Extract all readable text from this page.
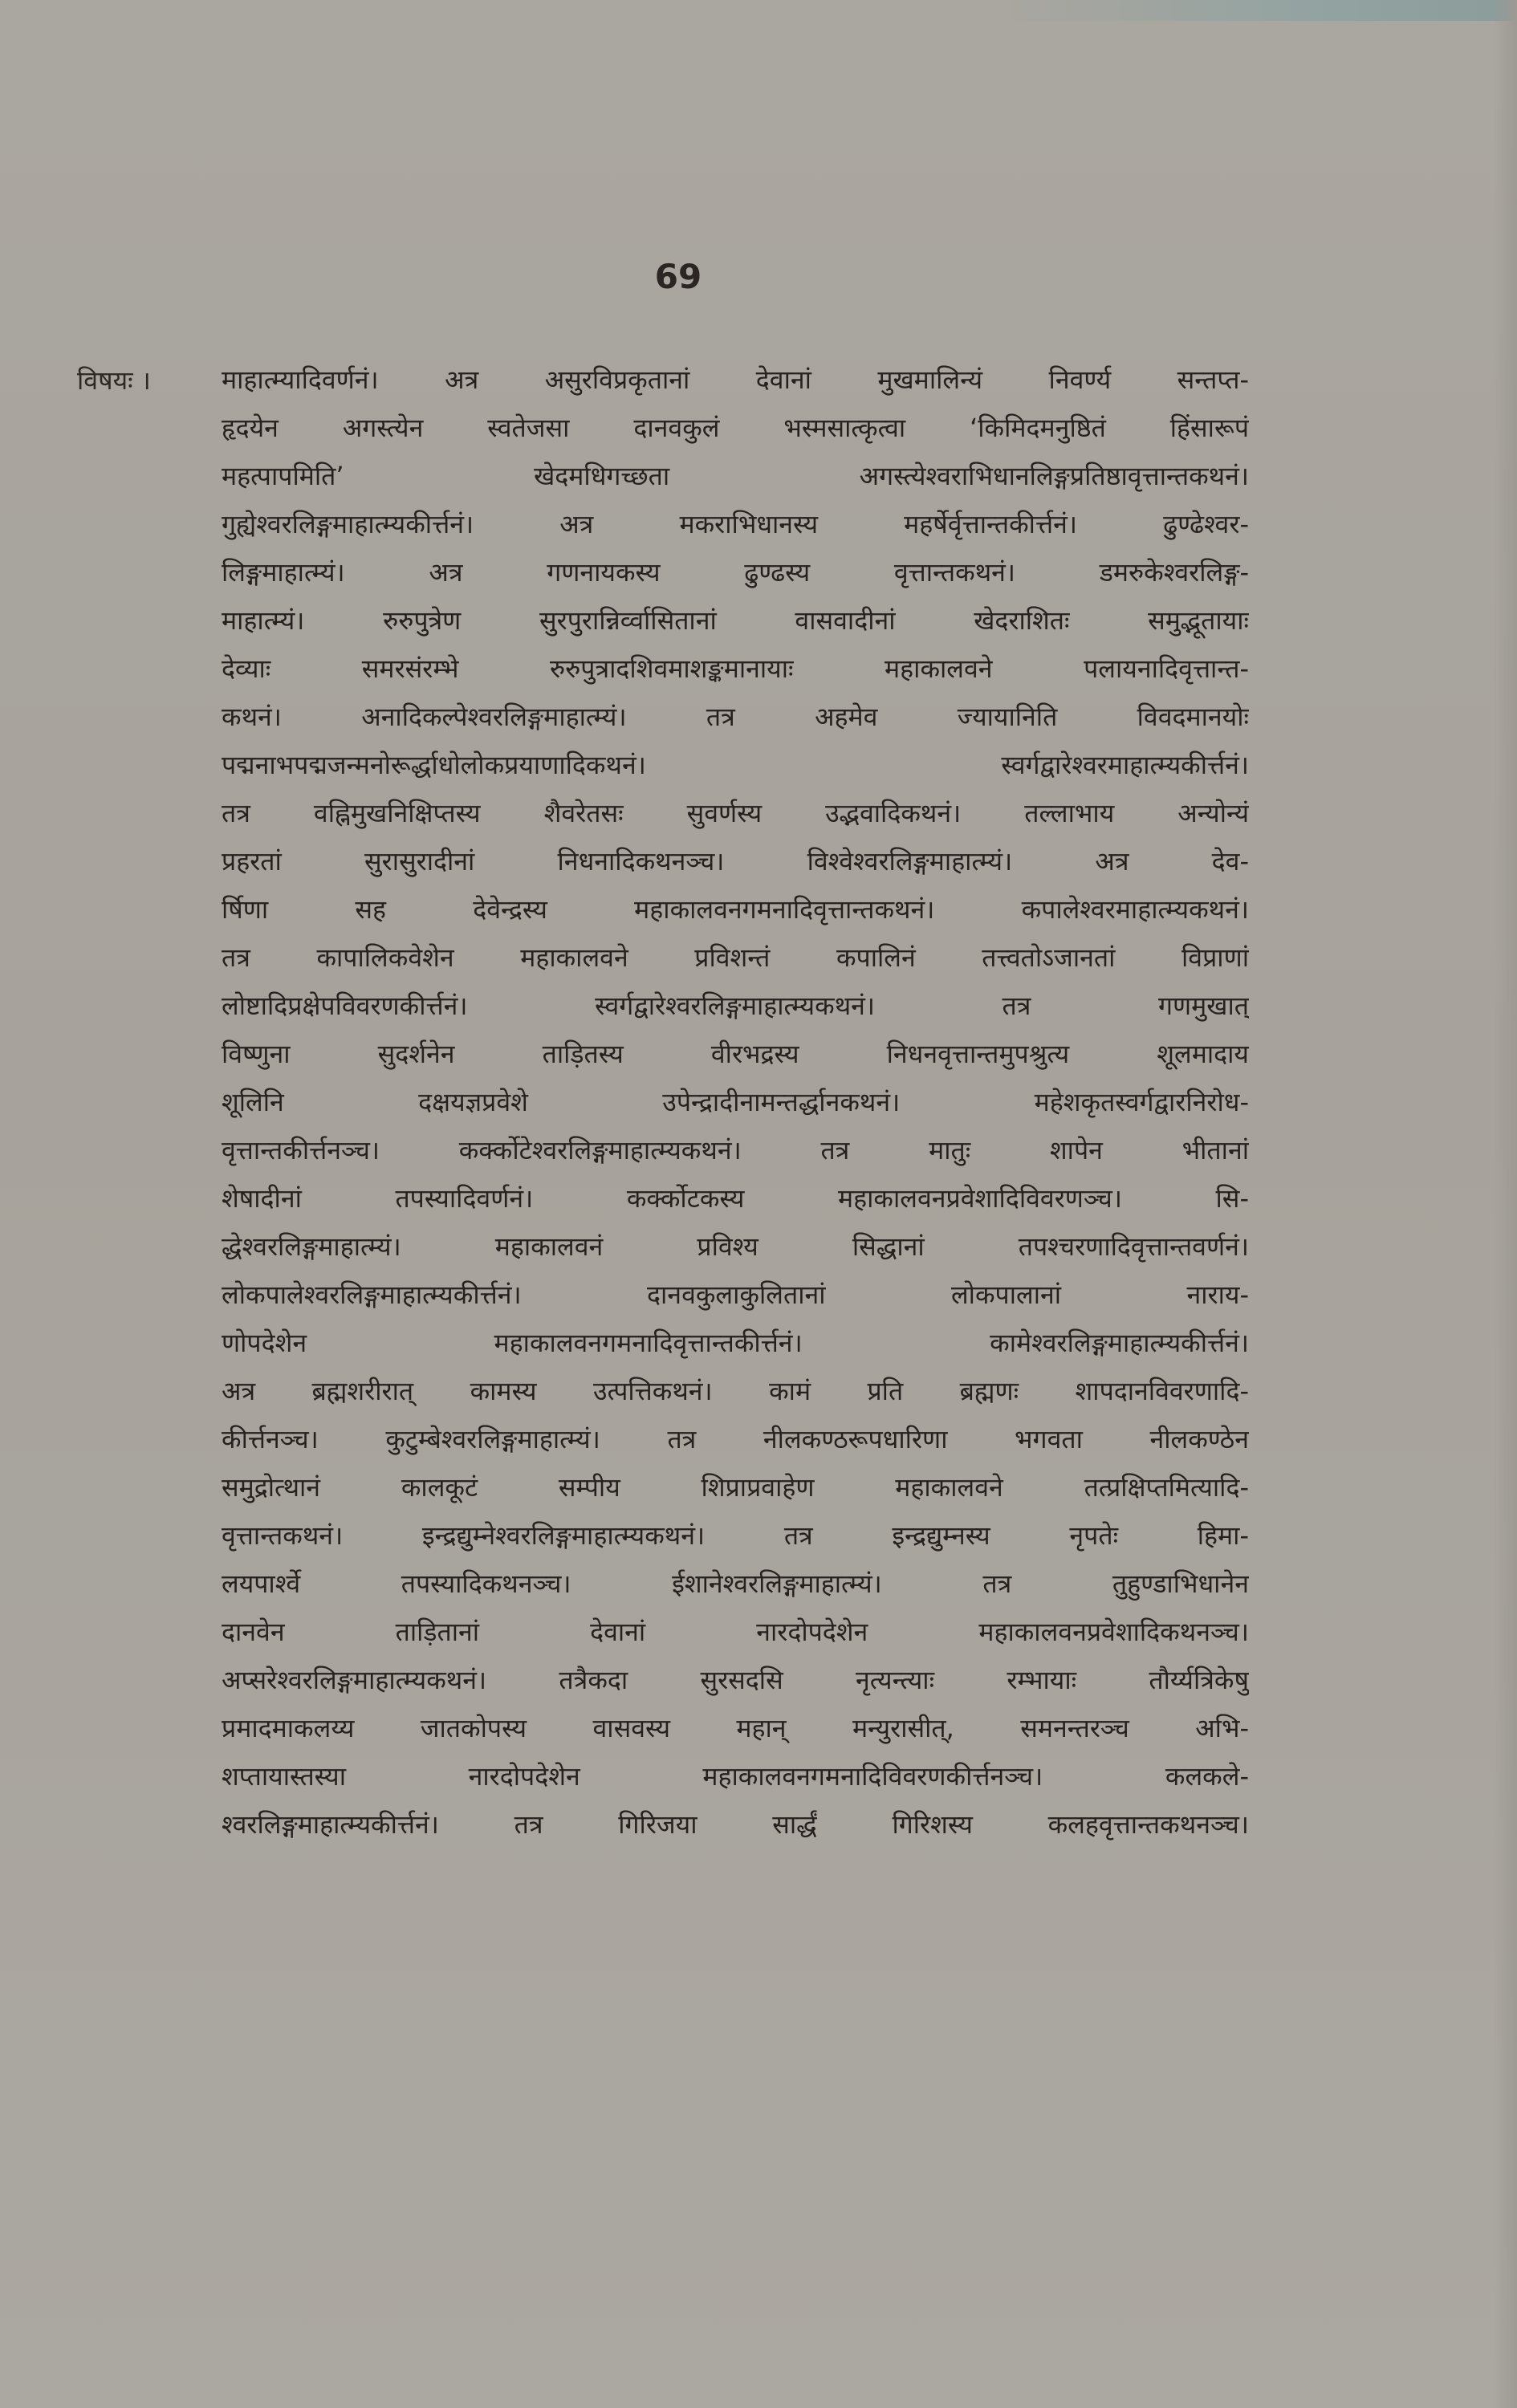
69
विषयः ।	माहात्म्यादिवर्णनं। अत्र असुरविप्रकृतानां देवानां मुखमालिन्यं निवर्ण्य सन्तप्त-
हृदयेन अगस्त्येन स्वतेजसा दानवकुलं भस्मसात्कृत्वा ‘किमिदमनुष्ठितं हिंसारूपं
महत्पापमिति’ खेदमधिगच्छता अगस्त्येश्वराभिधानलिङ्गप्रतिष्ठावृत्तान्तकथनं।
गुह्येश्वरलिङ्गमाहात्म्यकीर्त्तनं। अत्र मकराभिधानस्य महर्षेर्वृत्तान्तकीर्त्तनं। ढुण्ढेश्वर-
लिङ्गमाहात्म्यं। अत्र गणनायकस्य ढुण्ढस्य वृत्तान्तकथनं। डमरुकेश्वरलिङ्ग-
माहात्म्यं। रुरुपुत्रेण सुरपुरान्निर्व्वासितानां वासवादीनां खेदराशितः समुद्भूतायाः
देव्याः समरसंरम्भे रुरुपुत्रादशिवमाशङ्कमानायाः महाकालवने पलायनादिवृत्तान्त-
कथनं। अनादिकल्पेश्वरलिङ्गमाहात्म्यं। तत्र अहमेव ज्यायानिति विवदमानयोः
पद्मनाभपद्मजन्मनोरूर्द्धाधोलोकप्रयाणादिकथनं। स्वर्गद्वारेश्वरमाहात्म्यकीर्त्तनं।
तत्र वह्निमुखनिक्षिप्तस्य शैवरेतसः सुवर्णस्य उद्भवादिकथनं। तल्लाभाय अन्योन्यं
प्रहरतां सुरासुरादीनां निधनादिकथनञ्च। विश्वेश्वरलिङ्गमाहात्म्यं। अत्र देव-
र्षिणा सह देवेन्द्रस्य महाकालवनगमनादिवृत्तान्तकथनं। कपालेश्वरमाहात्म्यकथनं।
तत्र कापालिकवेशेन महाकालवने प्रविशन्तं कपालिनं तत्त्वतोऽजानतां विप्राणां
लोष्टादिप्रक्षेपविवरणकीर्त्तनं। स्वर्गद्वारेश्वरलिङ्गमाहात्म्यकथनं। तत्र गणमुखात्
विष्णुना सुदर्शनेन ताड़ितस्य वीरभद्रस्य निधनवृत्तान्तमुपश्रुत्य शूलमादाय
शूलिनि दक्षयज्ञप्रवेशे उपेन्द्रादीनामन्तर्द्धानकथनं। महेशकृतस्वर्गद्वारनिरोध-
वृत्तान्तकीर्त्तनञ्च। कर्क्कोटेश्वरलिङ्गमाहात्म्यकथनं। तत्र मातुः शापेन भीतानां
शेषादीनां तपस्यादिवर्णनं। कर्क्कोटकस्य महाकालवनप्रवेशादिविवरणञ्च। सि-
द्धेश्वरलिङ्गमाहात्म्यं। महाकालवनं प्रविश्य सिद्धानां तपश्चरणादिवृत्तान्तवर्णनं।
लोकपालेश्वरलिङ्गमाहात्म्यकीर्त्तनं। दानवकुलाकुलितानां लोकपालानां नाराय-
णोपदेशेन महाकालवनगमनादिवृत्तान्तकीर्त्तनं। कामेश्वरलिङ्गमाहात्म्यकीर्त्तनं।
अत्र ब्रह्मशरीरात् कामस्य उत्पत्तिकथनं। कामं प्रति ब्रह्मणः शापदानविवरणादि-
कीर्त्तनञ्च। कुटुम्बेश्वरलिङ्गमाहात्म्यं। तत्र नीलकण्ठरूपधारिणा भगवता नीलकण्ठेन
समुद्रोत्थानं कालकूटं सम्पीय शिप्राप्रवाहेण महाकालवने तत्प्रक्षिप्तमित्यादि-
वृत्तान्तकथनं। इन्द्रद्युम्नेश्वरलिङ्गमाहात्म्यकथनं। तत्र इन्द्रद्युम्नस्य नृपतेः हिमा-
लयपार्श्वे तपस्यादिकथनञ्च। ईशानेश्वरलिङ्गमाहात्म्यं। तत्र तुहुण्डाभिधानेन
दानवेन ताड़ितानां देवानां नारदोपदेशेन महाकालवनप्रवेशादिकथनञ्च।
अप्सरेश्वरलिङ्गमाहात्म्यकथनं। तत्रैकदा सुरसदसि नृत्यन्त्याः रम्भायाः तौर्य्यत्रिकेषु
प्रमादमाकलय्य जातकोपस्य वासवस्य महान् मन्युरासीत्, समनन्तरञ्च अभि-
शप्तायास्तस्या नारदोपदेशेन महाकालवनगमनादिविवरणकीर्त्तनञ्च। कलकले-
श्वरलिङ्गमाहात्म्यकीर्त्तनं। तत्र गिरिजया सार्द्धं गिरिशस्य कलहवृत्तान्तकथनञ्च।
